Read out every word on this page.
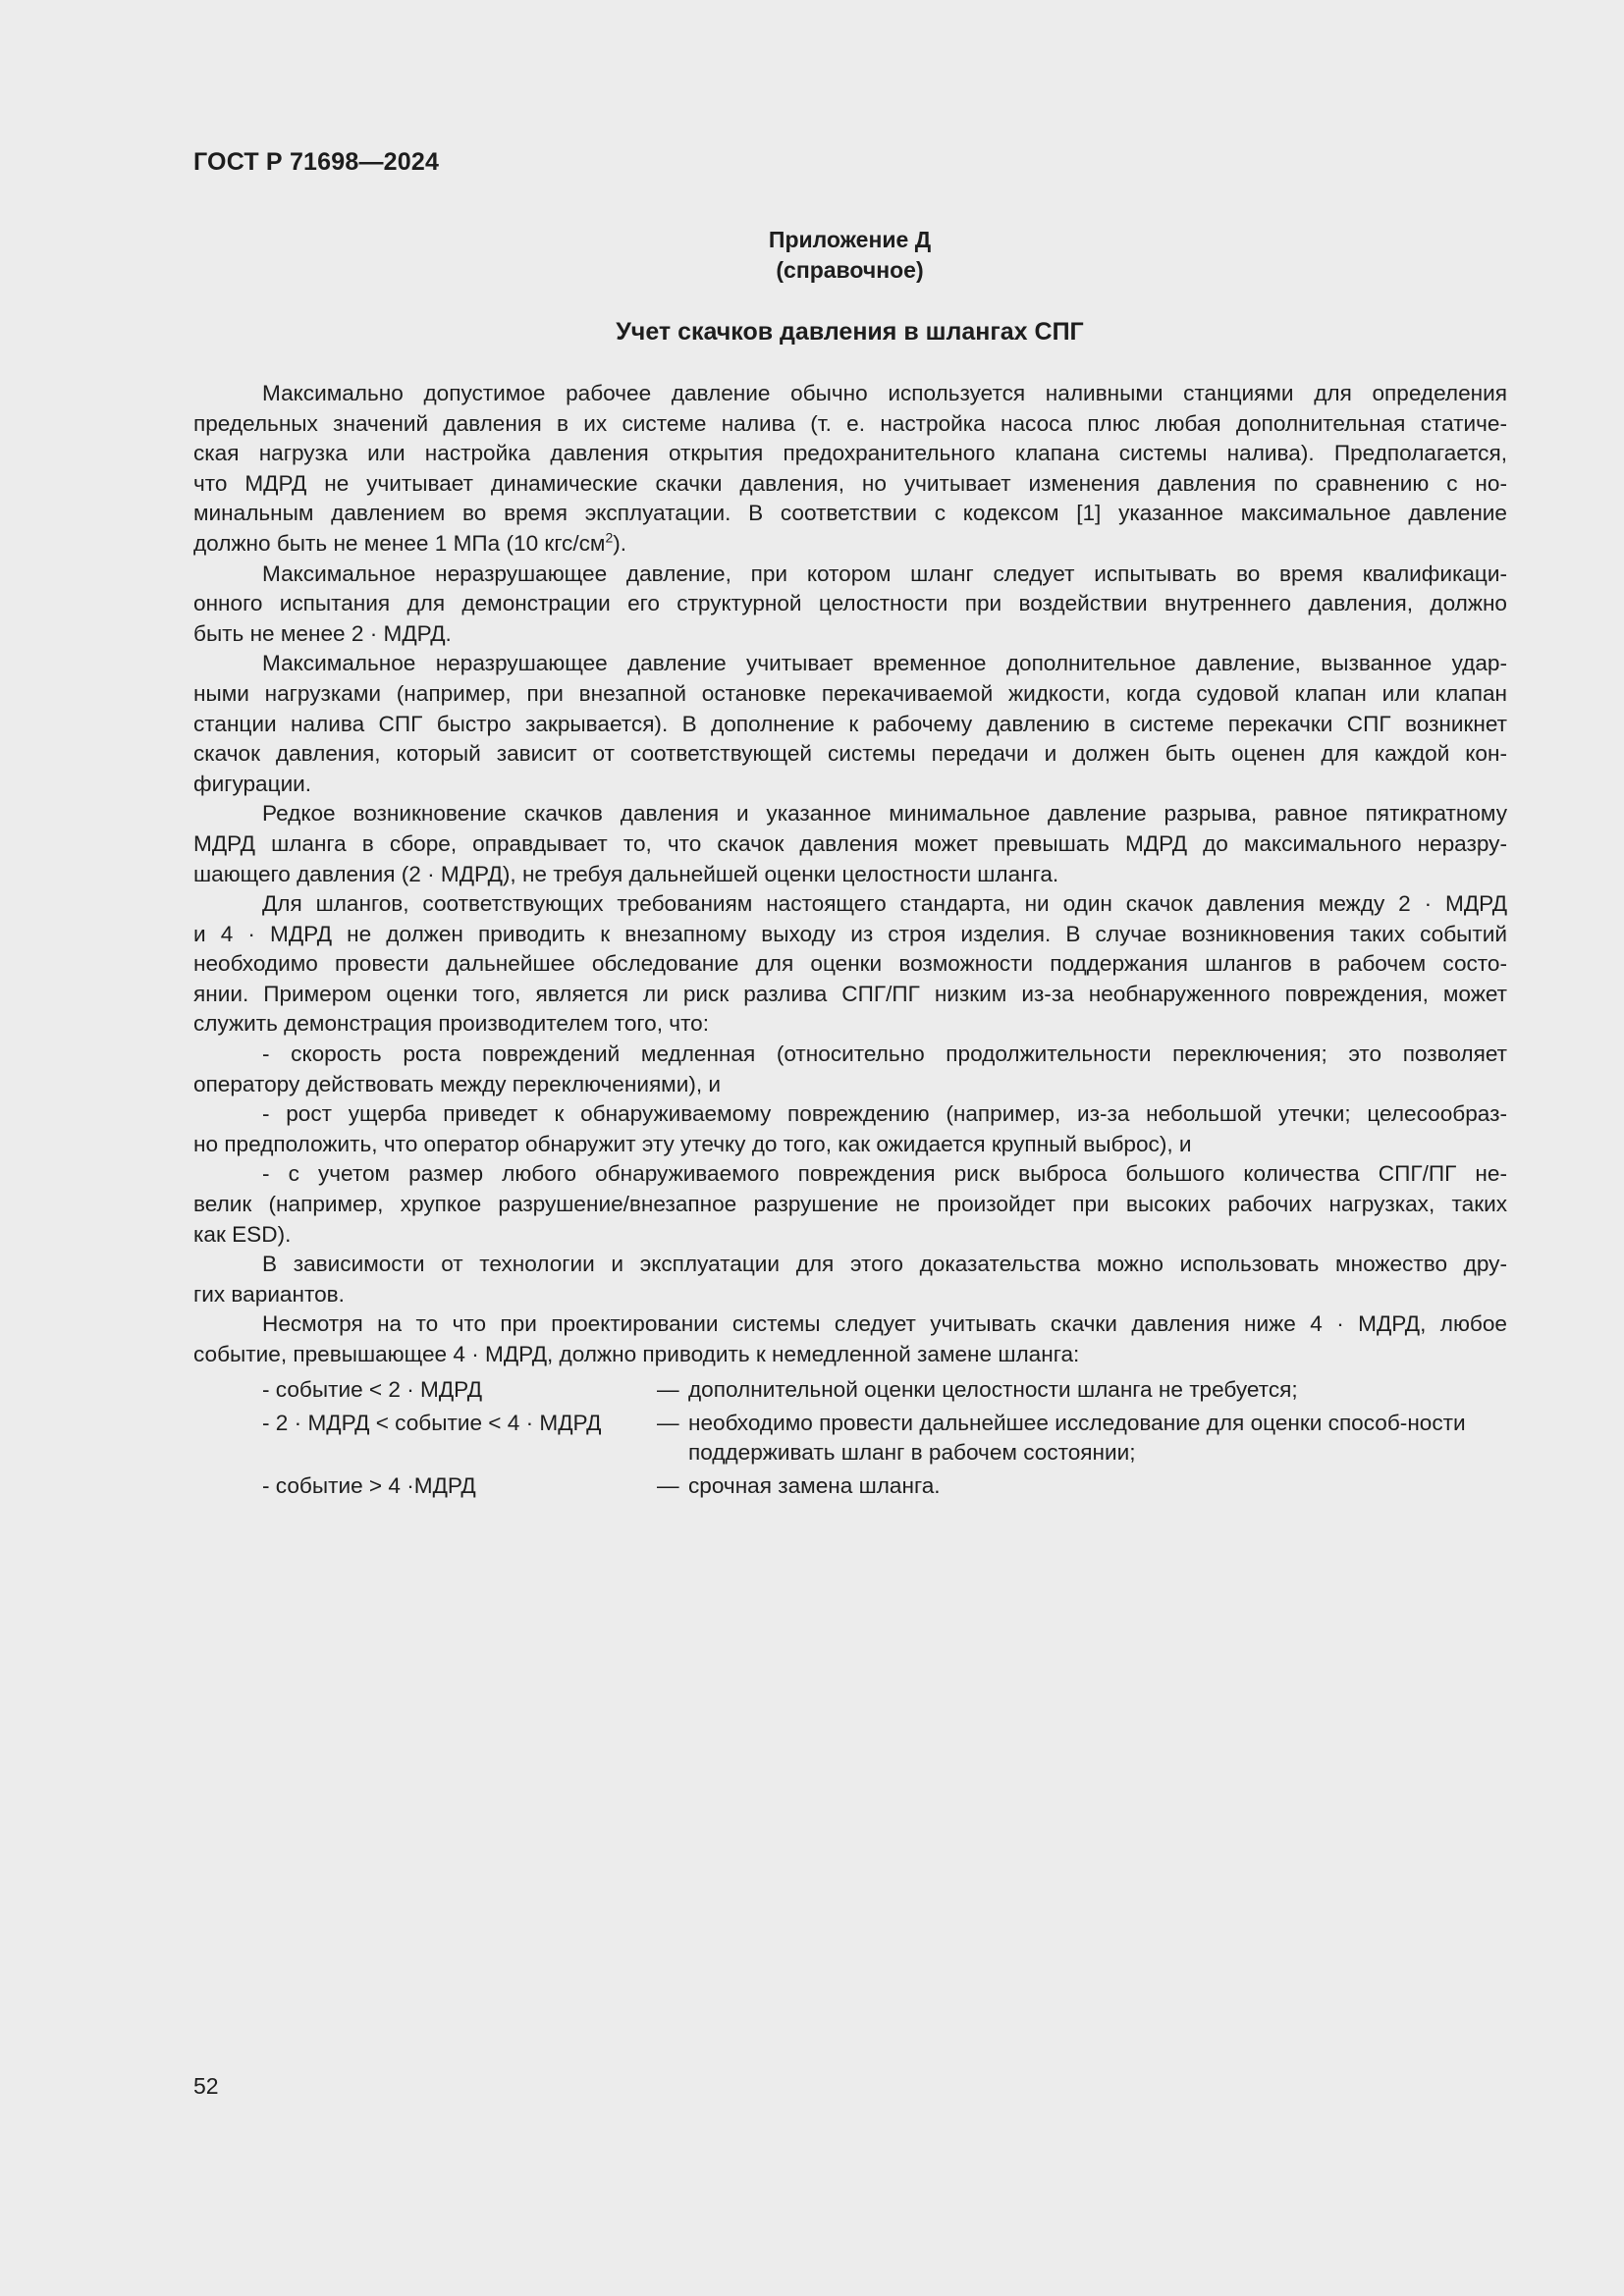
ГОСТ Р 71698—2024
Приложение Д
(справочное)
Учет скачков давления в шлангах СПГ
Максимально допустимое рабочее давление обычно используется наливными станциями для определения
предельных значений давления в их системе налива (т. е. настройка насоса плюс любая дополнительная статиче-
ская нагрузка или настройка давления открытия предохранительного клапана системы налива). Предполагается,
что МДРД не учитывает динамические скачки давления, но учитывает изменения давления по сравнению с но-
минальным давлением во время эксплуатации. В соответствии с кодексом [1] указанное максимальное давление
должно быть не менее 1 МПа (10 кгс/$см^2$).
Максимальное неразрушающее давление, при котором шланг следует испытывать во время квалификаци-
онного испытания для демонстрации его структурной целостности при воздействии внутреннего давления, должно
быть не менее 2 · МДРД.
Максимальное неразрушающее давление учитывает временное дополнительное давление, вызванное удар-
ными нагрузками (например, при внезапной остановке перекачиваемой жидкости, когда судовой клапан или клапан
станции налива СПГ быстро закрывается). В дополнение к рабочему давлению в системе перекачки СПГ возникнет
скачок давления, который зависит от соответствующей системы передачи и должен быть оценен для каждой кон-
фигурации.
Редкое возникновение скачков давления и указанное минимальное давление разрыва, равное пятикратному
МДРД шланга в сборе, оправдывает то, что скачок давления может превышать МДРД до максимального неразру-
шающего давления (2 · МДРД), не требуя дальнейшей оценки целостности шланга.
Для шлангов, соответствующих требованиям настоящего стандарта, ни один скачок давления между 2 · МДРД
и 4 · МДРД не должен приводить к внезапному выходу из строя изделия. В случае возникновения таких событий
необходимо провести дальнейшее обследование для оценки возможности поддержания шлангов в рабочем состо-
янии. Примером оценки того, является ли риск разлива СПГ/ПГ низким из-за необнаруженного повреждения, может
служить демонстрация производителем того, что:
- скорость роста повреждений медленная (относительно продолжительности переключения; это позволяет
оператору действовать между переключениями), и
- рост ущерба приведет к обнаруживаемому повреждению (например, из-за небольшой утечки; целесообраз-
но предположить, что оператор обнаружит эту утечку до того, как ожидается крупный выброс), и
- с учетом размер любого обнаруживаемого повреждения риск выброса большого количества СПГ/ПГ не-
велик (например, хрупкое разрушение/внезапное разрушение не произойдет при высоких рабочих нагрузках, таких
как ESD).
В зависимости от технологии и эксплуатации для этого доказательства можно использовать множество дру-
гих вариантов.
Несмотря на то что при проектировании системы следует учитывать скачки давления ниже 4 · МДРД, любое
событие, превышающее 4 · МДРД, должно приводить к немедленной замене шланга:
- событие < 2 · МДРД	— дополнительной оценки целостности шланга не требуется;
- 2 · МДРД < событие < 4 · МДРД	— необходимо провести дальнейшее исследование для оценки способ-ности поддерживать шланг в рабочем состоянии;
- событие > 4 ·МДРД	— срочная замена шланга.
52
